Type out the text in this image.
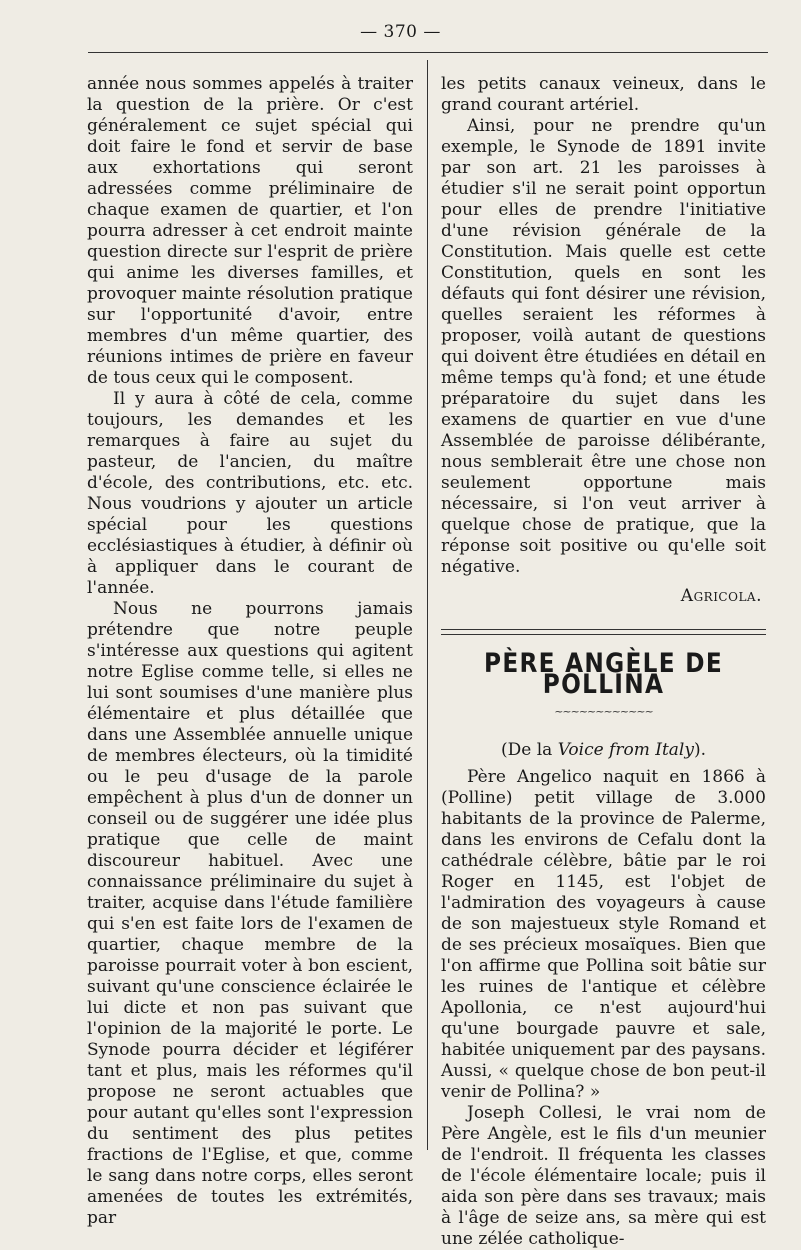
— 370 —

année nous sommes appelés à traiter la question de la prière. Or c'est généralement ce sujet spécial qui doit faire le fond et servir de base aux exhortations qui seront adressées comme préliminaire de chaque examen de quartier, et l'on pourra adresser à cet endroit mainte question directe sur l'esprit de prière qui anime les diverses familles, et provoquer mainte résolution pratique sur l'opportunité d'avoir, entre membres d'un même quartier, des réunions intimes de prière en faveur de tous ceux qui le composent.

Il y aura à côté de cela, comme toujours, les demandes et les remarques à faire au sujet du pasteur, de l'ancien, du maître d'école, des contributions, etc. etc. Nous voudrions y ajouter un article spécial pour les questions ecclésiastiques à étudier, à définir où à appliquer dans le courant de l'année.

Nous ne pourrons jamais prétendre que notre peuple s'intéresse aux questions qui agitent notre Eglise comme telle, si elles ne lui sont soumises d'une manière plus élémentaire et plus détaillée que dans une Assemblée annuelle unique de membres électeurs, où la timidité ou le peu d'usage de la parole empêchent à plus d'un de donner un conseil ou de suggérer une idée plus pratique que celle de maint discoureur habituel. Avec une connaissance préliminaire du sujet à traiter, acquise dans l'étude familière qui s'en est faite lors de l'examen de quartier, chaque membre de la paroisse pourrait voter à bon escient, suivant qu'une conscience éclairée le lui dicte et non pas suivant que l'opinion de la majorité le porte. Le Synode pourra décider et légiférer tant et plus, mais les réformes qu'il propose ne seront actuables que pour autant qu'elles sont l'expression du sentiment des plus petites fractions de l'Eglise, et que, comme le sang dans notre corps, elles seront amenées de toutes les extrémités, par

les petits canaux veineux, dans le grand courant artériel.

Ainsi, pour ne prendre qu'un exemple, le Synode de 1891 invite par son art. 21 les paroisses à étudier s'il ne serait point opportun pour elles de prendre l'initiative d'une révision générale de la Constitution. Mais quelle est cette Constitution, quels en sont les défauts qui font désirer une révision, quelles seraient les réformes à proposer, voilà autant de questions qui doivent être étudiées en détail en même temps qu'à fond; et une étude préparatoire du sujet dans les examens de quartier en vue d'une Assemblée de paroisse délibérante, nous semblerait être une chose non seulement opportune mais nécessaire, si l'on veut arriver à quelque chose de pratique, que la réponse soit positive ou qu'elle soit négative.

Agricola.

PÈRE ANGÈLE DE POLLINA
~~~~~~~~~~~~

(De la Voice from Italy).

Père Angelico naquit en 1866 à (Polline) petit village de 3.000 habitants de la province de Palerme, dans les environs de Cefalu dont la cathédrale célèbre, bâtie par le roi Roger en 1145, est l'objet de l'admiration des voyageurs à cause de son majestueux style Romand et de ses précieux mosaïques. Bien que l'on affirme que Pollina soit bâtie sur les ruines de l'antique et célèbre Apollonia, ce n'est aujourd'hui qu'une bourgade pauvre et sale, habitée uniquement par des paysans. Aussi, « quelque chose de bon peut-il venir de Pollina? »

Joseph Collesi, le vrai nom de Père Angèle, est le fils d'un meunier de l'endroit. Il fréquenta les classes de l'école élémentaire locale; puis il aida son père dans ses travaux; mais à l'âge de seize ans, sa mère qui est une zélée catholique-
